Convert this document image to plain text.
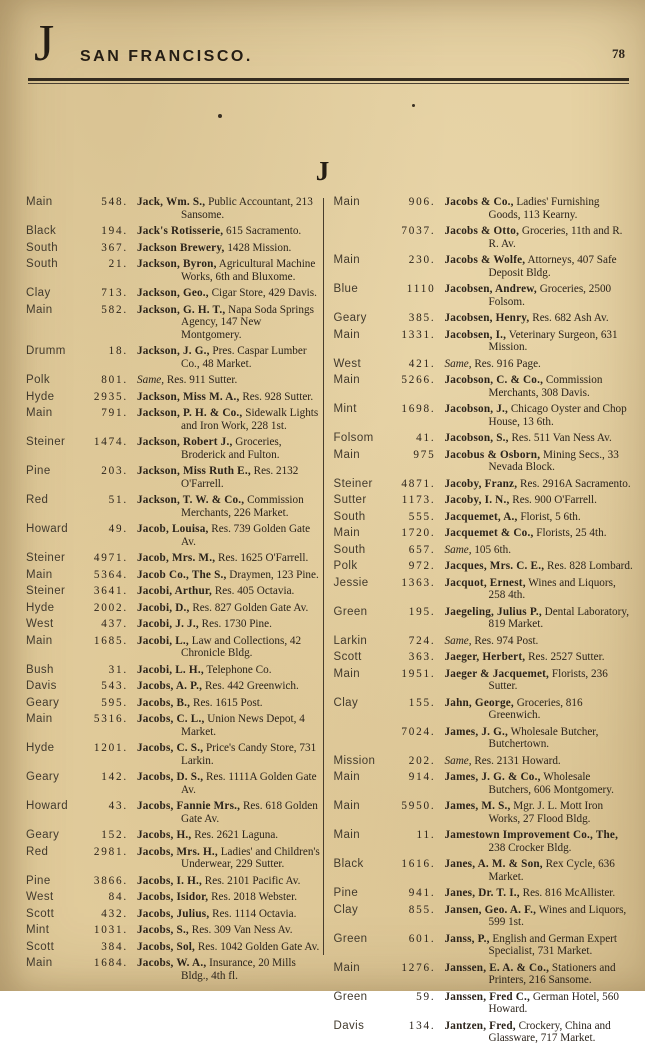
J SAN FRANCISCO.	78
J
Main	548. Jack, Wm. S., Public Accountant, 213 Sansome.
Black	194. Jack's Rotisserie, 615 Sacramento.
South	367. Jackson Brewery, 1428 Mission.
South	21. Jackson, Byron, Agricultural Machine Works, 6th and Bluxome.
Clay	713. Jackson, Geo., Cigar Store, 429 Davis.
Main	582. Jackson, G. H. T., Napa Soda Springs Agency, 147 New Montgomery.
Drumm	18. Jackson, J. G., Pres. Caspar Lumber Co., 48 Market.
Polk	801. Same, Res. 911 Sutter.
Hyde	2935. Jackson, Miss M. A., Res. 928 Sutter.
Main	791. Jackson, P. H. & Co., Sidewalk Lights and Iron Work, 228 1st.
Steiner	1474. Jackson, Robert J., Groceries, Broderick and Fulton.
Pine	203. Jackson, Miss Ruth E., Res. 2132 O'Farrell.
Red	51. Jackson, T. W. & Co., Commission Merchants, 226 Market.
Howard	49. Jacob, Louisa, Res. 739 Golden Gate Av.
Steiner	4971. Jacob, Mrs. M., Res. 1625 O'Farrell.
Main	5364. Jacob Co., The S., Draymen, 123 Pine.
Steiner	3641. Jacobi, Arthur, Res. 405 Octavia.
Hyde	2002. Jacobi, D., Res. 827 Golden Gate Av.
West	437. Jacobi, J. J., Res. 1730 Pine.
Main	1685. Jacobi, L., Law and Collections, 42 Chronicle Bldg.
Bush	31. Jacobi, L. H., Telephone Co.
Davis	543. Jacobs, A. P., Res. 442 Greenwich.
Geary	595. Jacobs, B., Res. 1615 Post.
Main	5316. Jacobs, C. L., Union News Depot, 4 Market.
Hyde	1201. Jacobs, C. S., Price's Candy Store, 731 Larkin.
Geary	142. Jacobs, D. S., Res. 1111A Golden Gate Av.
Howard	43. Jacobs, Fannie Mrs., Res. 618 Golden Gate Av.
Geary	152. Jacobs, H., Res. 2621 Laguna.
Red	2981. Jacobs, Mrs. H., Ladies' and Children's Underwear, 229 Sutter.
Pine	3866. Jacobs, I. H., Res. 2101 Pacific Av.
West	84. Jacobs, Isidor, Res. 2018 Webster.
Scott	432. Jacobs, Julius, Res. 1114 Octavia.
Mint	1031. Jacobs, S., Res. 309 Van Ness Av.
Scott	384. Jacobs, Sol, Res. 1042 Golden Gate Av.
Main	1684. Jacobs, W. A., Insurance, 20 Mills Bldg., 4th fl.
Main	906. Jacobs & Co., Ladies' Furnishing Goods, 113 Kearny.
7037. Jacobs & Otto, Groceries, 11th and R. R. Av.
Main	230. Jacobs & Wolfe, Attorneys, 407 Safe Deposit Bldg.
Blue	1110 Jacobsen, Andrew, Groceries, 2500 Folsom.
Geary	385. Jacobsen, Henry, Res. 682 Ash Av.
Main	1331. Jacobsen, I., Veterinary Surgeon, 631 Mission.
West	421. Same, Res. 916 Page.
Main	5266. Jacobson, C. & Co., Commission Merchants, 308 Davis.
Mint	1698. Jacobson, J., Chicago Oyster and Chop House, 13 6th.
Folsom	41. Jacobson, S., Res. 511 Van Ness Av.
Main	975 Jacobus & Osborn, Mining Secs., 33 Nevada Block.
Steiner	4871. Jacoby, Franz, Res. 2916A Sacramento.
Sutter	1173. Jacoby, I. N., Res. 900 O'Farrell.
South	555. Jacquemet, A., Florist, 5 6th.
Main	1720. Jacquemet & Co., Florists, 25 4th.
South	657. Same, 105 6th.
Polk	972. Jacques, Mrs. C. E., Res. 828 Lombard.
Jessie	1363. Jacquot, Ernest, Wines and Liquors, 258 4th.
Green	195. Jaegeling, Julius P., Dental Laboratory, 819 Market.
Larkin	724. Same, Res. 974 Post.
Scott	363. Jaeger, Herbert, Res. 2527 Sutter.
Main	1951. Jaeger & Jacquemet, Florists, 236 Sutter.
Clay	155. Jahn, George, Groceries, 816 Greenwich.
7024. James, J. G., Wholesale Butcher, Butchertown.
Mission	202. Same, Res. 2131 Howard.
Main	914. James, J. G. & Co., Wholesale Butchers, 606 Montgomery.
Main	5950. James, M. S., Mgr. J. L. Mott Iron Works, 27 Flood Bldg.
Main	11. Jamestown Improvement Co., The, 238 Crocker Bldg.
Black	1616. Janes, A. M. & Son, Rex Cycle, 636 Market.
Pine	941. Janes, Dr. T. I., Res. 816 McAllister.
Clay	855. Jansen, Geo. A. F., Wines and Liquors, 599 1st.
Green	601. Janss, P., English and German Expert Specialist, 731 Market.
Main	1276. Janssen, E. A. & Co., Stationers and Printers, 216 Sansome.
Green	59. Janssen, Fred C., German Hotel, 560 Howard.
Davis	134. Jantzen, Fred, Crockery, China and Glassware, 717 Market.
